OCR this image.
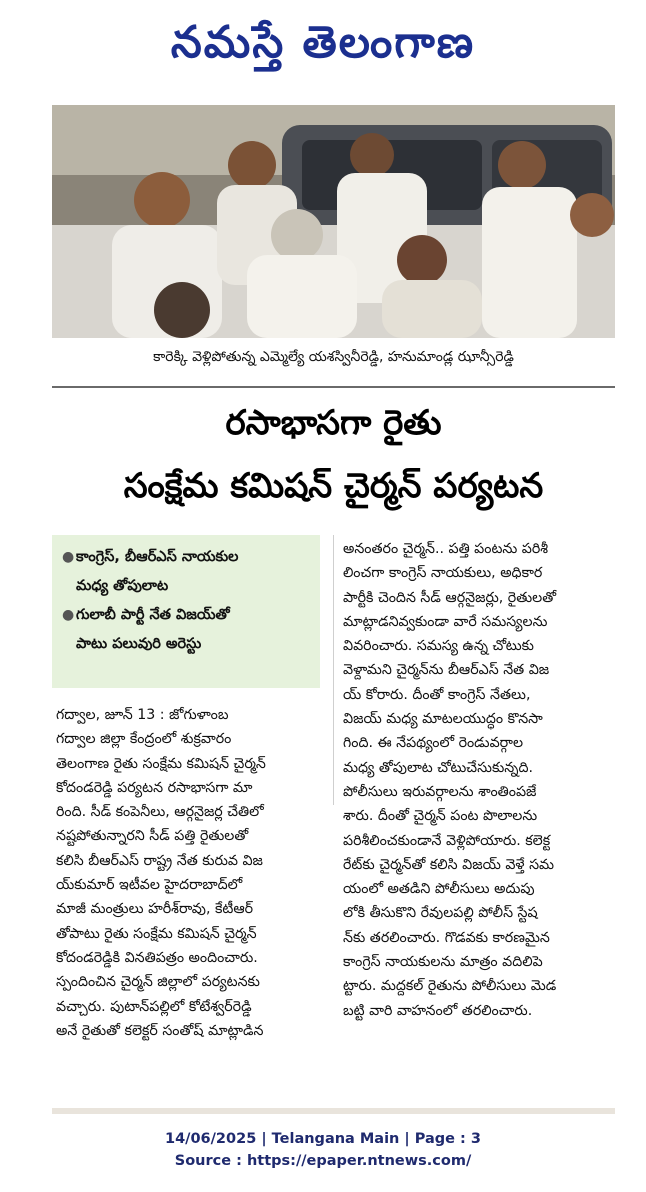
నమస్తే తెలంగాణ
కారెక్కి వెళ్లిపోతున్న ఎమ్మెల్యే యశస్వినీరెడ్డి, హనుమాండ్ల ఝాన్సీరెడ్డి
రసాభాసగా రైతు
సంక్షేమ కమిషన్ చైర్మన్ పర్యటన
● కాంగ్రెస్, బీఆర్ఎస్ నాయకుల
మధ్య తోపులాట
● గులాబీ పార్టీ నేత విజయ్‌తో
పాటు పలువురి అరెస్టు

గద్వాల, జూన్ 13 : జోగుళాంబ

గద్వాల జిల్లా కేంద్రంలో శుక్రవారం

తెలంగాణ రైతు సంక్షేమ కమిషన్ చైర్మన్

కోదండరెడ్డి పర్యటన రసాభాసగా మా

రింది. సీడ్ కంపెనీలు, ఆర్గనైజర్ల చేతిలో

నష్టపోతున్నారని సీడ్ పత్తి రైతులతో

కలిసి బీఆర్ఎస్ రాష్ట్ర నేత కురువ విజ

య్‌కుమార్ ఇటీవల హైదరాబాద్‌లో

మాజీ మంత్రులు హరీశ్‌రావు, కేటీఆర్

తోపాటు రైతు సంక్షేమ కమిషన్ చైర్మన్

కోదండరెడ్డికి వినతిపత్రం అందించారు.

స్పందించిన చైర్మన్ జిల్లాలో పర్యటనకు

వచ్చారు. పుటాన్‌పల్లిలో కోటేశ్వర్‌రెడ్డి

అనే రైతుతో కలెక్టర్ సంతోష్ మాట్లాడిన

అనంతరం చైర్మన్.. పత్తి పంటను పరిశీ

లించగా కాంగ్రెస్ నాయకులు, అధికార

పార్టీకి చెందిన సీడ్ ఆర్గనైజర్లు, రైతులతో

మాట్లాడనివ్వకుండా వారే సమస్యలను

వివరించారు. సమస్య ఉన్న చోటుకు

వెళ్దామని చైర్మన్‌ను బీఆర్ఎస్ నేత విజ

య్ కోరారు. దీంతో కాంగ్రెస్ నేతలు,

విజయ్ మధ్య మాటలయుద్ధం కొనసా

గింది. ఈ నేపథ్యంలో రెండువర్గాల

మధ్య తోపులాట చోటుచేసుకున్నది.

పోలీసులు ఇరువర్గాలను శాంతింపజే

శారు. దీంతో చైర్మన్ పంట పొలాలను

పరిశీలించకుండానే వెళ్లిపోయారు. కలెక్ట

రేట్‌కు చైర్మన్‌తో కలిసి విజయ్ వెళ్తే సమ

యంలో అతడిని పోలీసులు అదుపు

లోకి తీసుకొని రేవులపల్లి పోలీస్ స్టేష

న్‌కు తరలించారు. గొడవకు కారణమైన

కాంగ్రెస్ నాయకులను మాత్రం వదిలిపె

ట్టారు. మద్దకల్ రైతును పోలీసులు మెడ

బట్టి వారి వాహనంలో తరలించారు.

14/06/2025 | Telangana Main | Page : 3
Source : https://epaper.ntnews.com/
